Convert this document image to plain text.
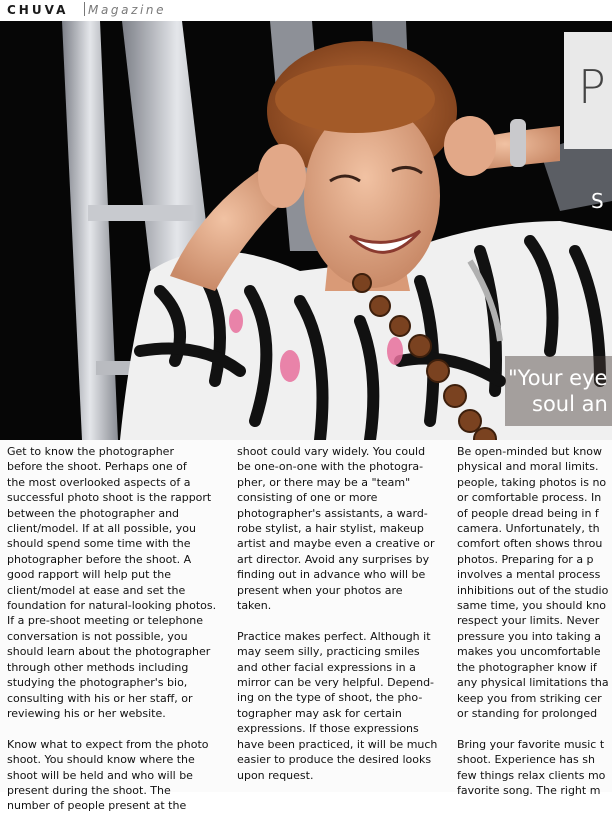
CHUVA Magazine
P
S
"Your eye
soul an

Get to know the photographer
before the shoot. Perhaps one of
the most overlooked aspects of a
successful photo shoot is the rapport
between the photographer and
client/model. If at all possible, you
should spend some time with the
photographer before the shoot. A
good rapport will help put the
client/model at ease and set the
foundation for natural-looking photos.
If a pre-shoot meeting or telephone
conversation is not possible, you
should learn about the photographer
through other methods including
studying the photographer's bio,
consulting with his or her staff, or
reviewing his or her website.

Know what to expect from the photo
shoot. You should know where the
shoot will be held and who will be
present during the shoot. The
number of people present at the

shoot could vary widely. You could
be one-on-one with the photogra-
pher, or there may be a "team"
consisting of one or more
photographer's assistants, a ward-
robe stylist, a hair stylist, makeup
artist and maybe even a creative or
art director. Avoid any surprises by
finding out in advance who will be
present when your photos are
taken.

Practice makes perfect. Although it
may seem silly, practicing smiles
and other facial expressions in a
mirror can be very helpful. Depend-
ing on the type of shoot, the pho-
tographer may ask for certain
expressions. If those expressions
have been practiced, it will be much
easier to produce the desired looks
upon request.

Be open-minded but know
physical and moral limits.
people, taking photos is no
or comfortable process. In
of people dread being in f
camera. Unfortunately, th
comfort often shows throu
photos. Preparing for a p
involves a mental process
inhibitions out of the studio
same time, you should kno
respect your limits. Never
pressure you into taking a
makes you uncomfortable
the photographer know if
any physical limitations tha
keep you from striking cer
or standing for prolonged

Bring your favorite music t
shoot. Experience has sh
few things relax clients mo
favorite song. The right m
